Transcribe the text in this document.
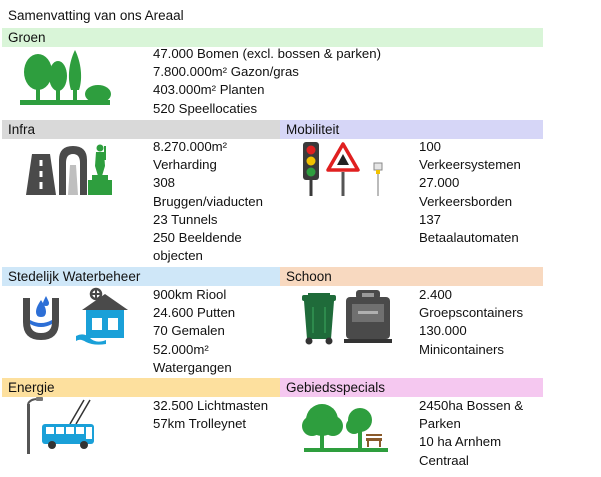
Samenvatting van ons Areaal
Groen
47.000 Bomen (excl. bossen & parken)
7.800.000m² Gazon/gras
403.000m² Planten
520 Speellocaties
Infra
8.270.000m²
Verharding
308
Bruggen/viaducten
23 Tunnels
250 Beeldende
objecten
Mobiliteit
100
Verkeersystemen
27.000
Verkeersborden
137
Betaalautomaten
Stedelijk Waterbeheer
900km Riool
24.600 Putten
70 Gemalen
52.000m²
Watergangen
Schoon
2.400
Groepscontainers
130.000
Minicontainers
Energie
32.500 Lichtmasten
57km Trolleynet
Gebiedsspecials
2450ha Bossen &
Parken
10 ha Arnhem
Centraal
